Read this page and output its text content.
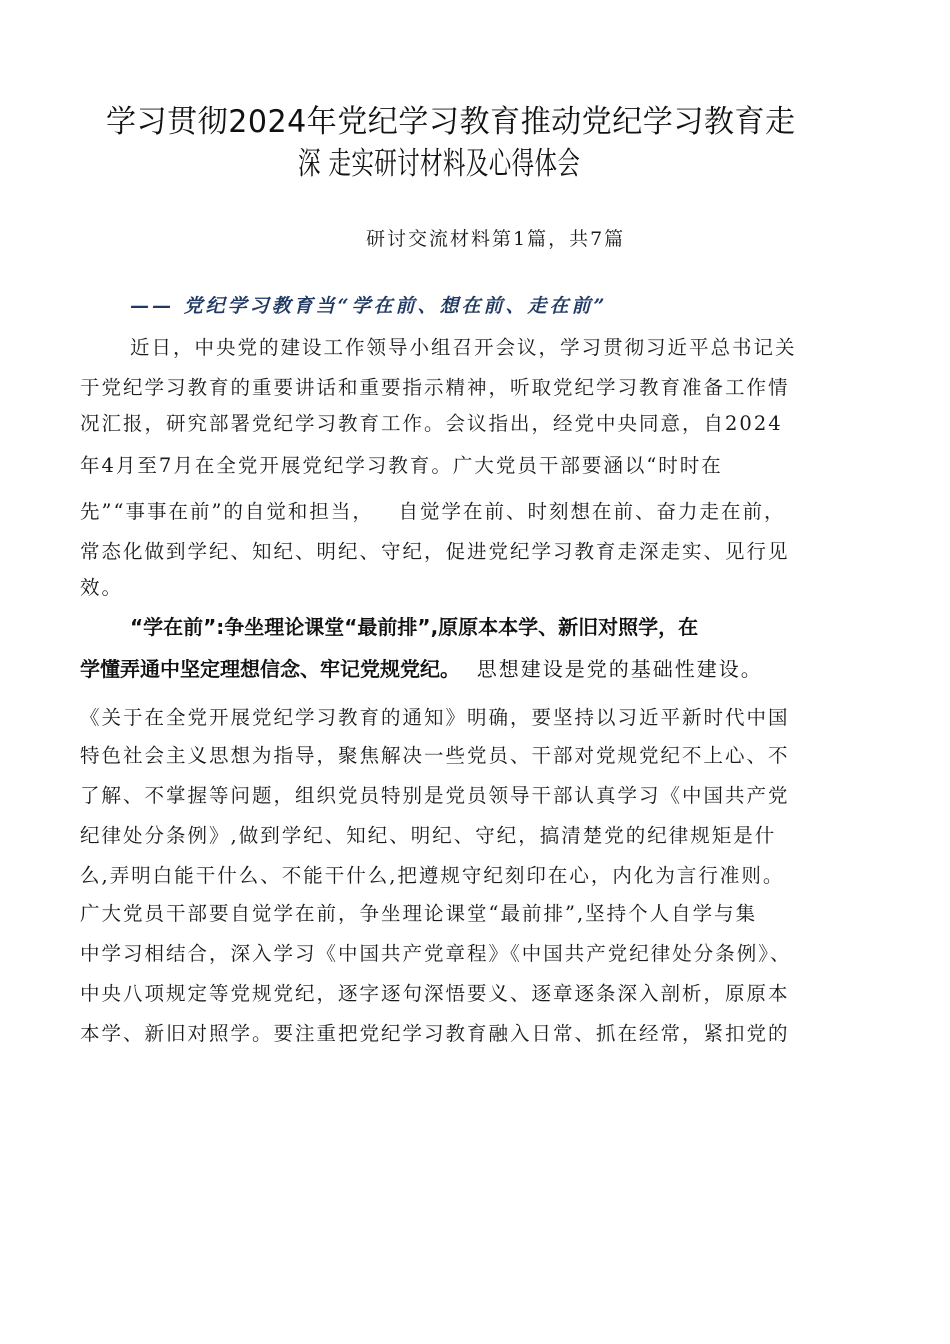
学习贯彻2024年党纪学习教育推动党纪学习教育走
深 走实研讨材料及心得体会
研讨交流材料第1篇，共7篇
—— 党纪学习教育当“学在前、想在前、走在前”
近日，中央党的建设工作领导小组召开会议，学习贯彻习近平总书记关
于党纪学习教育的重要讲话和重要指示精神，听取党纪学习教育准备工作情
况汇报，研究部署党纪学习教育工作。会议指出，经党中央同意，自2024
年4月至7月在全党开展党纪学习教育。广大党员干部要涵以“时时在
先”“事事在前”的自觉和担当，   自觉学在前、时刻想在前、奋力走在前，
常态化做到学纪、知纪、明纪、守纪，促进党纪学习教育走深走实、见行见
效。
“学在前”:争坐理论课堂“最前排”,原原本本学、新旧对照学，在
学懂弄通中坚定理想信念、牢记党规党纪。  思想建设是党的基础性建设。
《关于在全党开展党纪学习教育的通知》明确，要坚持以习近平新时代中国
特色社会主义思想为指导，聚焦解决一些党员、干部对党规党纪不上心、不
了解、不掌握等问题，组织党员特别是党员领导干部认真学习《中国共产党
纪律处分条例》,做到学纪、知纪、明纪、守纪，搞清楚党的纪律规矩是什
么,弄明白能干什么、不能干什么,把遵规守纪刻印在心，内化为言行准则。
广大党员干部要自觉学在前，争坐理论课堂“最前排”,坚持个人自学与集
中学习相结合，深入学习《中国共产党章程》《中国共产党纪律处分条例》、
中央八项规定等党规党纪，逐字逐句深悟要义、逐章逐条深入剖析，原原本
本学、新旧对照学。要注重把党纪学习教育融入日常、抓在经常，紧扣党的
